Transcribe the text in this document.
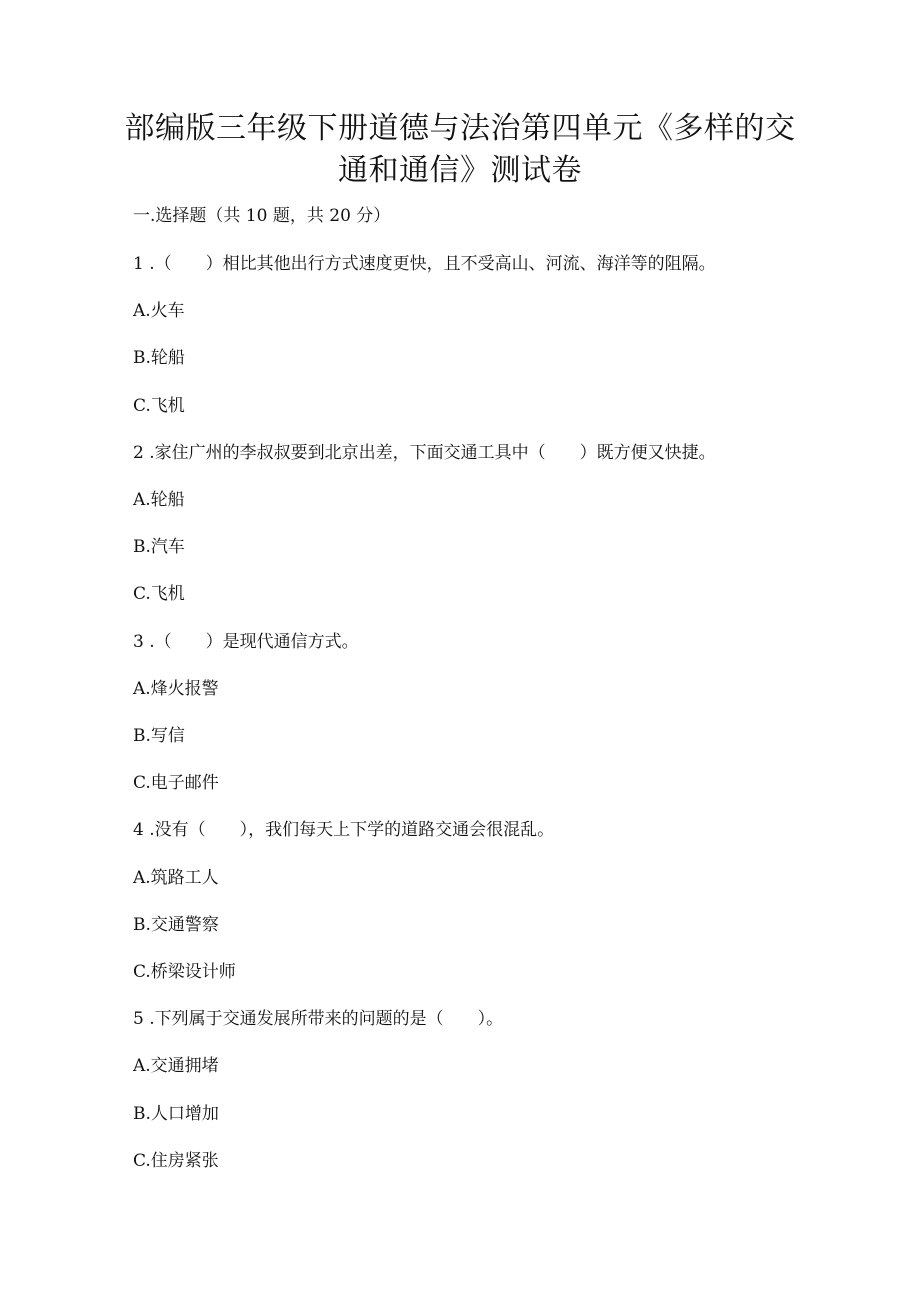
部编版三年级下册道德与法治第四单元《多样的交通和通信》测试卷

一.选择题（共 10 题，共 20 分）

1 .（　　）相比其他出行方式速度更快，且不受高山、河流、海洋等的阻隔。

A.火车

B.轮船

C.飞机

2 .家住广州的李叔叔要到北京出差，下面交通工具中（　　）既方便又快捷。

A.轮船

B.汽车

C.飞机

3 .（　　）是现代通信方式。

A.烽火报警

B.写信

C.电子邮件

4 .没有（　　），我们每天上下学的道路交通会很混乱。

A.筑路工人

B.交通警察

C.桥梁设计师

5 .下列属于交通发展所带来的问题的是（　　）。

A.交通拥堵

B.人口增加

C.住房紧张
